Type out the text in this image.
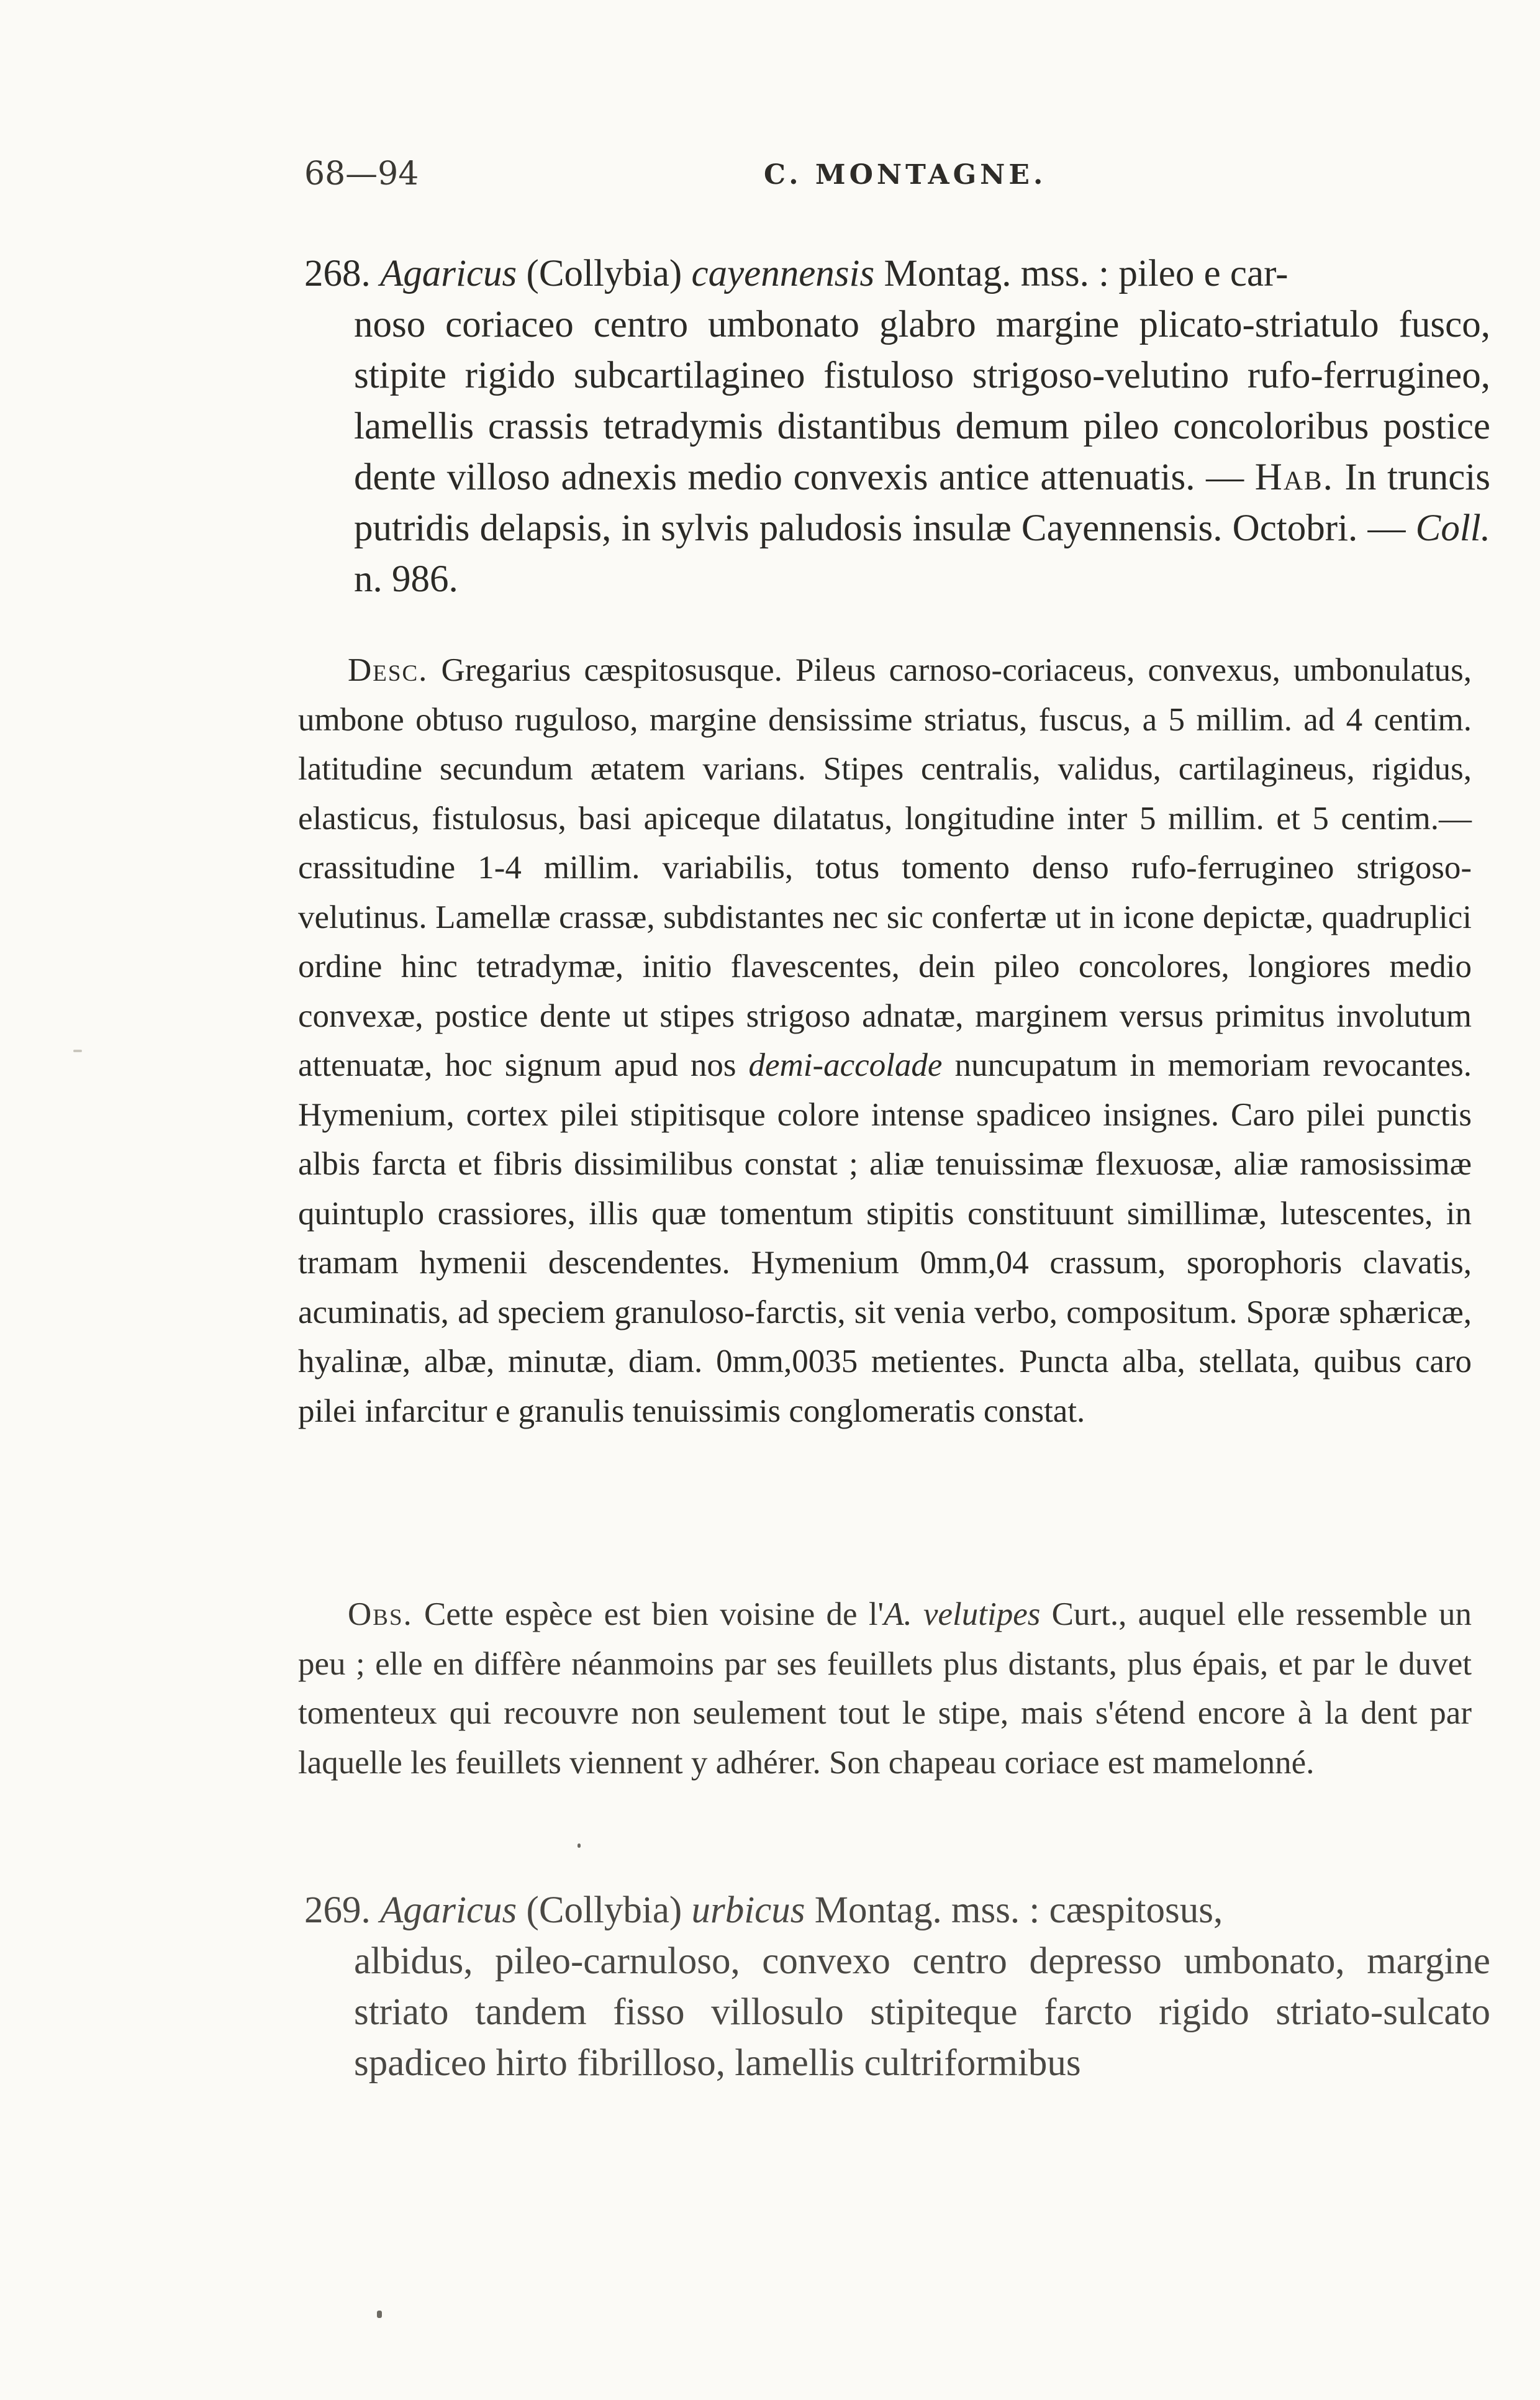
68—94	C. MONTAGNE.
268. Agaricus (Collybia) cayennensis Montag. mss. : pileo e car-
noso coriaceo centro umbonato glabro margine plicato-striatulo fusco, stipite rigido subcartilagineo fistuloso strigoso-velutino rufo-ferrugineo, lamellis crassis tetradymis distantibus demum pileo concoloribus postice dente villoso adnexis medio convexis antice attenuatis. — Hab. In truncis putridis delapsis, in sylvis paludosis insulæ Cayennensis. Octobri. — Coll. n. 986.
Desc. Gregarius cæspitosusque. Pileus carnoso-coriaceus, convexus, umbonulatus, umbone obtuso ruguloso, margine densissime striatus, fuscus, a 5 millim. ad 4 centim. latitudine secundum ætatem varians. Stipes centralis, validus, cartilagineus, rigidus, elasticus, fistulosus, basi apiceque dilatatus, longitudine inter 5 millim. et 5 centim.— crassitudine 1-4 millim. variabilis, totus tomento denso rufo-ferrugineo strigoso-velutinus. Lamellæ crassæ, subdistantes nec sic confertæ ut in icone depictæ, quadruplici ordine hinc tetradymæ, initio flavescentes, dein pileo concolores, longiores medio convexæ, postice dente ut stipes strigoso adnatæ, marginem versus primitus involutum attenuatæ, hoc signum apud nos demi-accolade nuncupatum in memoriam revocantes. Hymenium, cortex pilei stipitisque colore intense spadiceo insignes. Caro pilei punctis albis farcta et fibris dissimilibus constat ; aliæ tenuissimæ flexuosæ, aliæ ramosissimæ quintuplo crassiores, illis quæ tomentum stipitis constituunt simillimæ, lutescentes, in tramam hymenii descendentes. Hymenium 0mm,04 crassum, sporophoris clavatis, acuminatis, ad speciem granuloso-farctis, sit venia verbo, compositum. Sporæ sphæricæ, hyalinæ, albæ, minutæ, diam. 0mm,0035 metientes. Puncta alba, stellata, quibus caro pilei infarcitur e granulis tenuissimis conglomeratis constat.
Obs. Cette espèce est bien voisine de l'A. velutipes Curt., auquel elle ressemble un peu ; elle en diffère néanmoins par ses feuillets plus distants, plus épais, et par le duvet tomenteux qui recouvre non seulement tout le stipe, mais s'étend encore à la dent par laquelle les feuillets viennent y adhérer. Son chapeau coriace est mamelonné.
269. Agaricus (Collybia) urbicus Montag. mss. : cæspitosus,
albidus, pileo-carnuloso, convexo centro depresso umbonato, margine striato tandem fisso villosulo stipiteque farcto rigido striato-sulcato spadiceo hirto fibrilloso, lamellis cultriformibus
